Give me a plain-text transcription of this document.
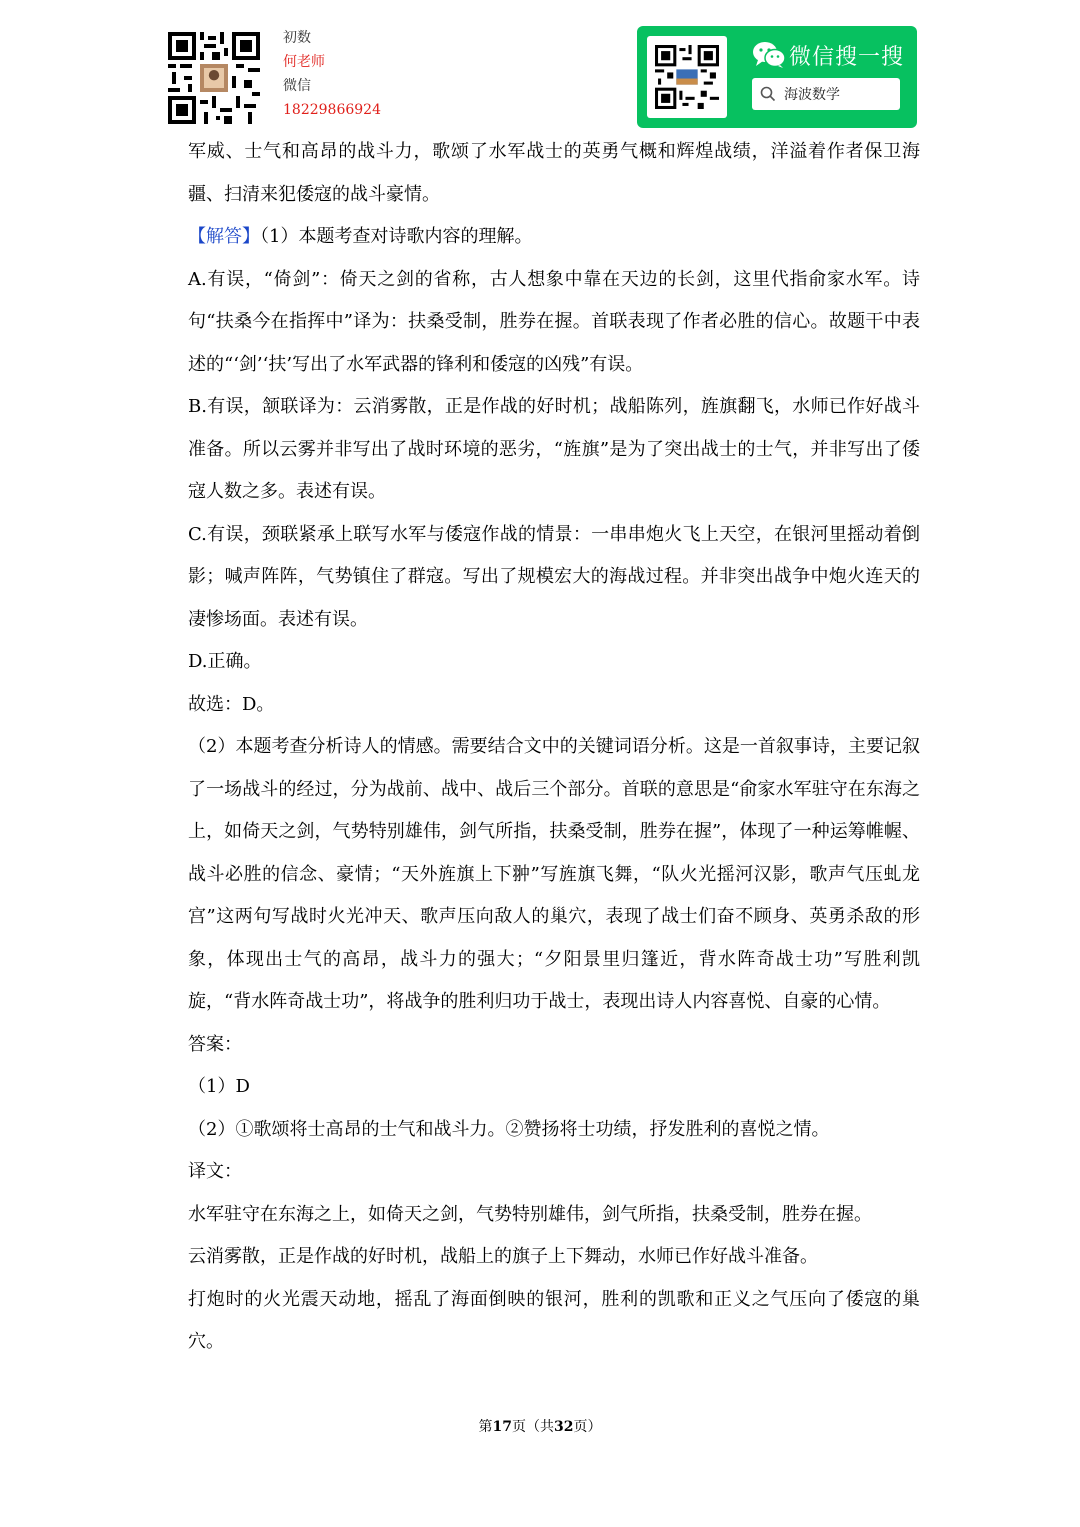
初数
何老师
微信
18229866924
微信搜一搜
海波数学

军威、士气和高昂的战斗力，歌颂了水军战士的英勇气概和辉煌战绩，洋溢着作者保卫海疆、扫清来犯倭寇的战斗豪情。

【解答】（1）本题考查对诗歌内容的理解。

A.有误，“倚剑”：倚天之剑的省称，古人想象中靠在天边的长剑，这里代指俞家水军。诗句“扶桑今在指挥中”译为：扶桑受制，胜券在握。首联表现了作者必胜的信心。故题干中表述的“‘剑’‘扶’写出了水军武器的锋利和倭寇的凶残”有误。

B.有误，颔联译为：云消雾散，正是作战的好时机；战船陈列，旌旗翻飞，水师已作好战斗准备。所以云雾并非写出了战时环境的恶劣，“旌旗”是为了突出战士的士气，并非写出了倭寇人数之多。表述有误。

C.有误，颈联紧承上联写水军与倭寇作战的情景：一串串炮火飞上天空，在银河里摇动着倒影；喊声阵阵，气势镇住了群寇。写出了规模宏大的海战过程。并非突出战争中炮火连天的凄惨场面。表述有误。

D.正确。

故选：D。

（2）本题考查分析诗人的情感。需要结合文中的关键词语分析。这是一首叙事诗，主要记叙了一场战斗的经过，分为战前、战中、战后三个部分。首联的意思是“俞家水军驻守在东海之上，如倚天之剑，气势特别雄伟，剑气所指，扶桑受制，胜券在握”，体现了一种运筹帷幄、战斗必胜的信念、豪情；“天外旌旗上下翀”写旌旗飞舞，“队火光摇河汉影，歌声气压虬龙宫”这两句写战时火光冲天、歌声压向敌人的巢穴，表现了战士们奋不顾身、英勇杀敌的形象，体现出士气的高昂，战斗力的强大；“夕阳景里归篷近，背水阵奇战士功”写胜利凯旋，“背水阵奇战士功”，将战争的胜利归功于战士，表现出诗人内容喜悦、自豪的心情。

答案：

（1）D

（2）①歌颂将士高昂的士气和战斗力。②赞扬将士功绩，抒发胜利的喜悦之情。

译文：

水军驻守在东海之上，如倚天之剑，气势特别雄伟，剑气所指，扶桑受制，胜券在握。

云消雾散，正是作战的好时机，战船上的旗子上下舞动，水师已作好战斗准备。

打炮时的火光震天动地，摇乱了海面倒映的银河，胜利的凯歌和正义之气压向了倭寇的巢穴。

第17页（共32页）
